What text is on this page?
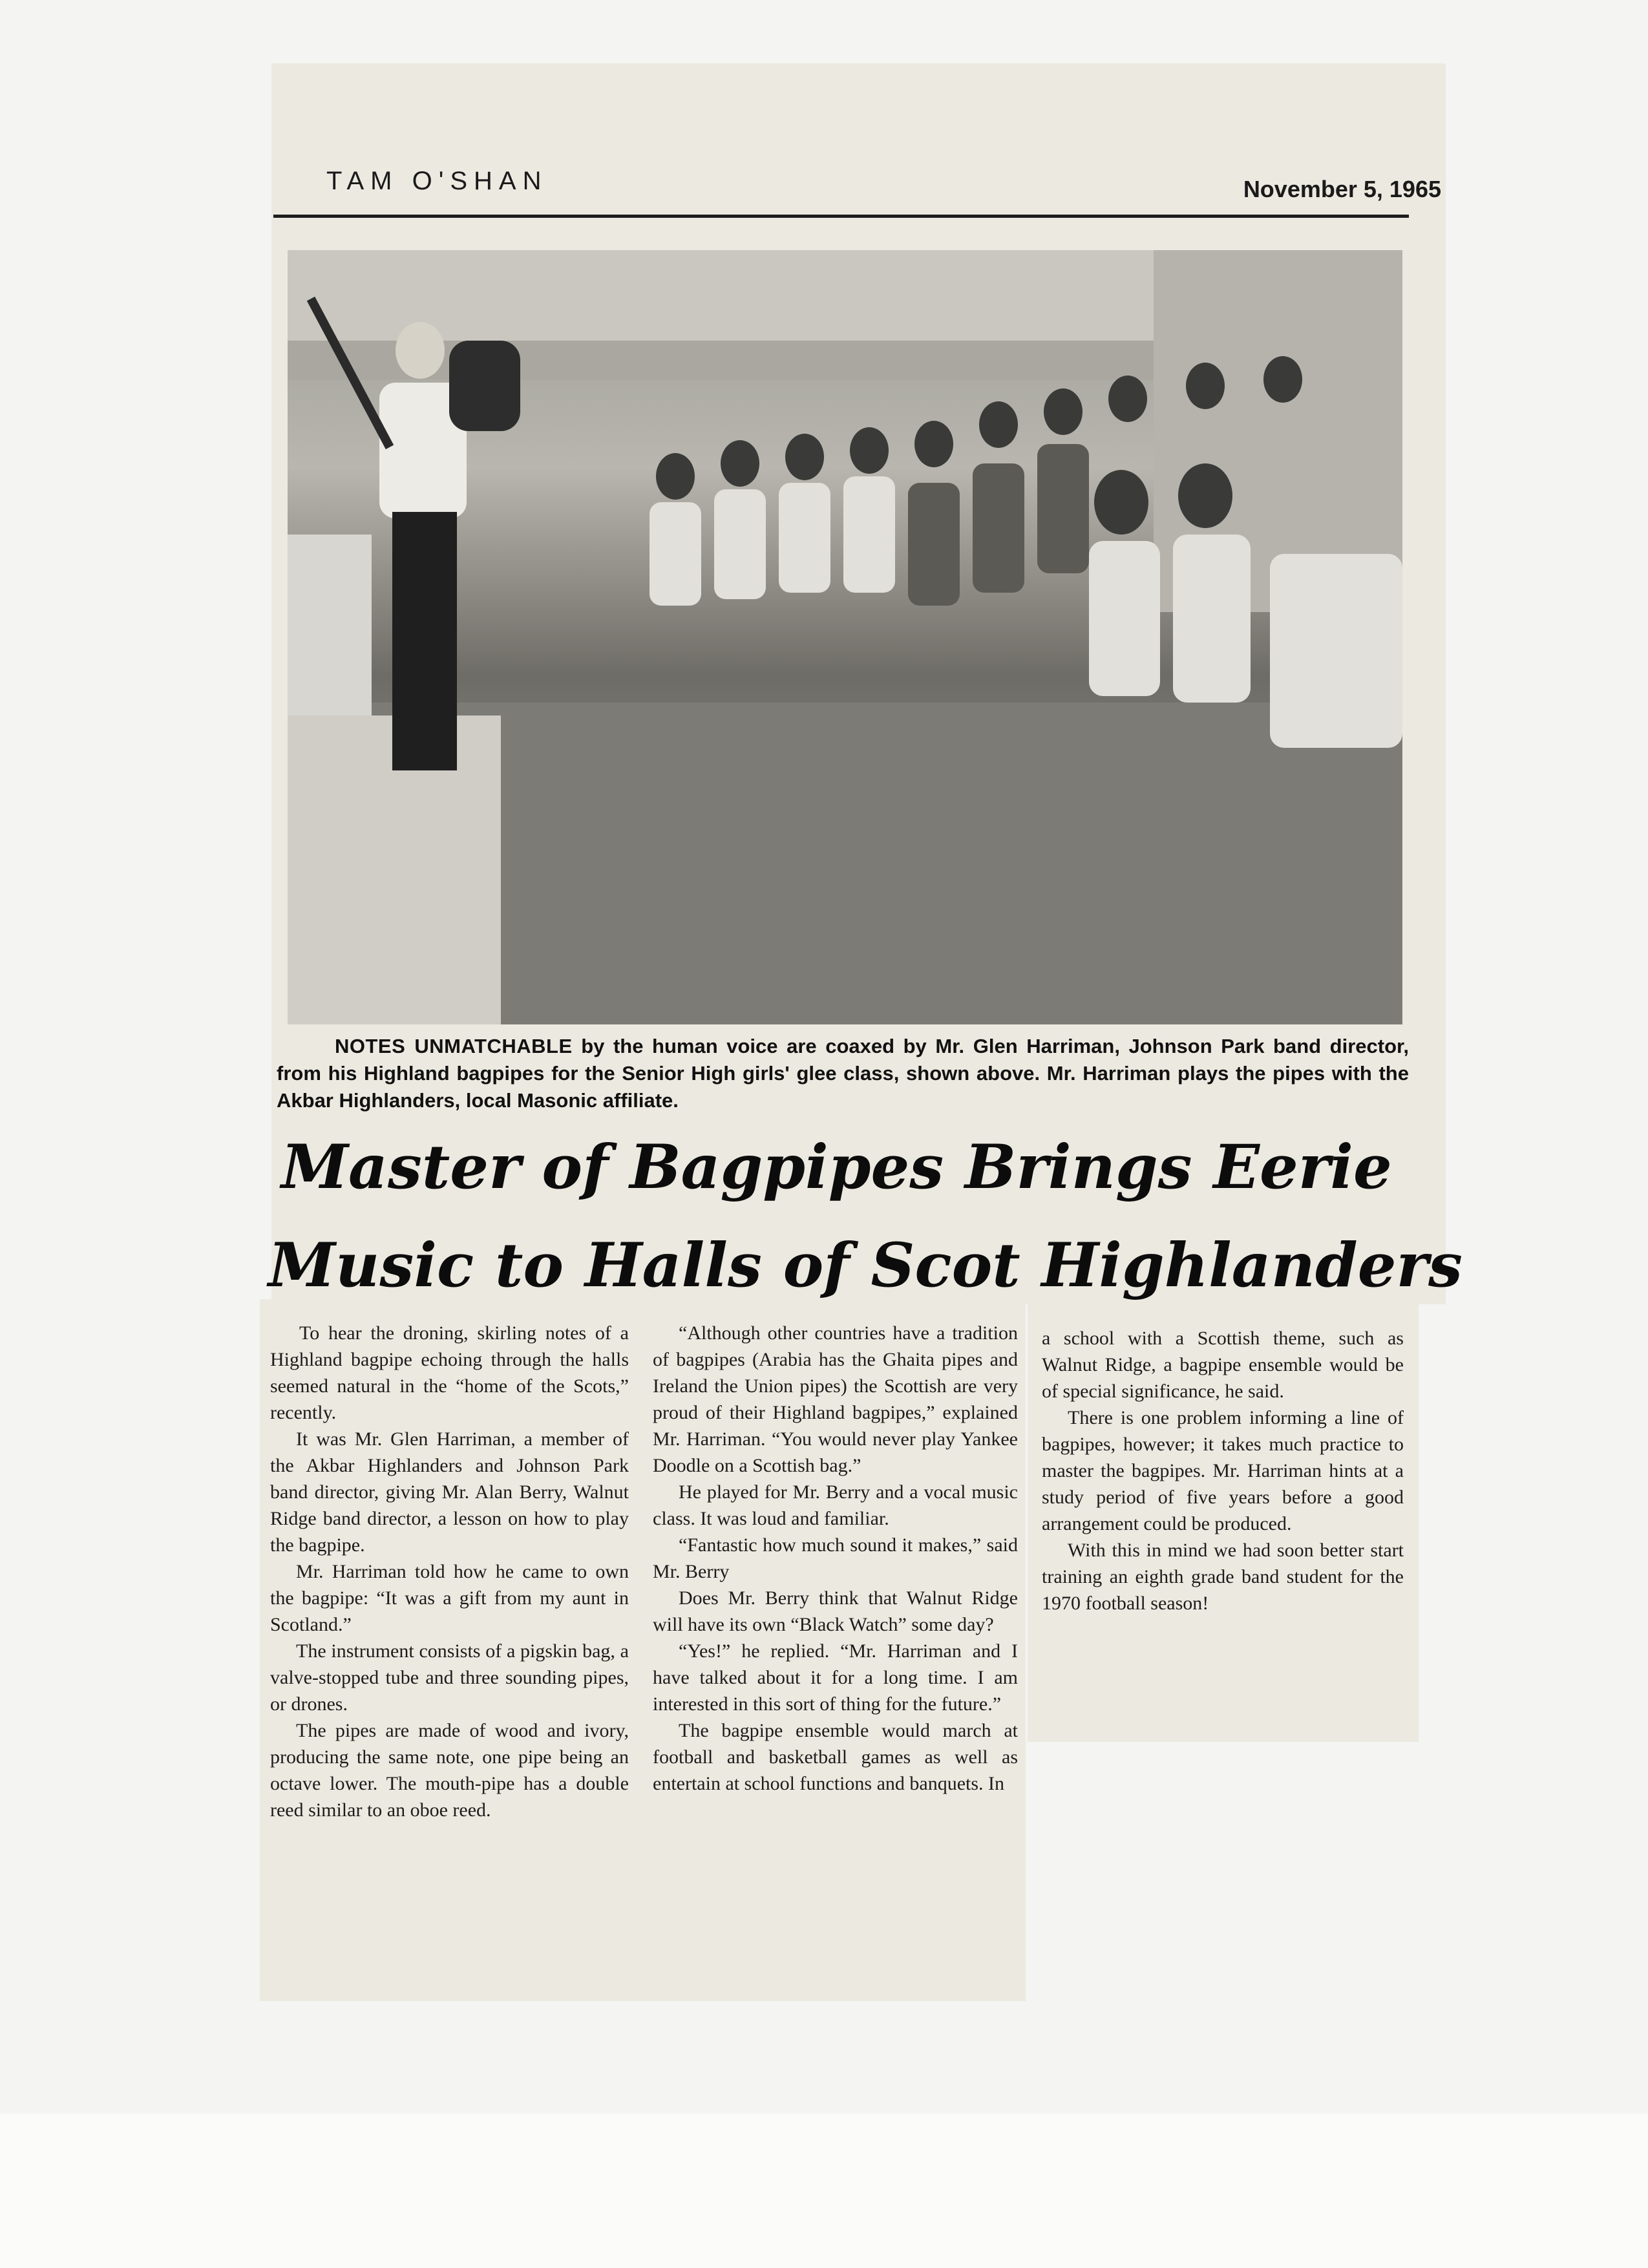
TAM O'SHAN	November 5, 1965
NOTES UNMATCHABLE by the human voice are coaxed by Mr. Glen Harriman, Johnson Park band director, from his Highland bagpipes for the Senior High girls' glee class, shown above. Mr. Harriman plays the pipes with the Akbar Highlanders, local Masonic affiliate.
Master of Bagpipes Brings Eerie
Music to Halls of Scot Highlanders

To hear the droning, skirling notes of a Highland bagpipe echoing through the halls seemed natural in the “home of the Scots,” recently.

It was Mr. Glen Harriman, a member of the Akbar Highlanders and Johnson Park band director, giving Mr. Alan Berry, Walnut Ridge band director, a lesson on how to play the bagpipe.

Mr. Harriman told how he came to own the bagpipe: “It was a gift from my aunt in Scotland.”

The instrument consists of a pigskin bag, a valve-stopped tube and three sounding pipes, or drones.

The pipes are made of wood and ivory, producing the same note, one pipe being an octave lower. The mouth-pipe has a double reed similar to an oboe reed.

“Although other countries have a tradition of bagpipes (Arabia has the Ghaita pipes and Ireland the Union pipes) the Scottish are very proud of their Highland bagpipes,” explained Mr. Harriman. “You would never play Yankee Doodle on a Scottish bag.”

He played for Mr. Berry and a vocal music class. It was loud and familiar.

“Fantastic how much sound it makes,” said Mr. Berry

Does Mr. Berry think that Walnut Ridge will have its own “Black Watch” some day?

“Yes!” he replied. “Mr. Harriman and I have talked about it for a long time. I am interested in this sort of thing for the future.”

The bagpipe ensemble would march at football and basketball games as well as entertain at school functions and banquets. In

a school with a Scottish theme, such as Walnut Ridge, a bagpipe ensemble would be of special significance, he said.

There is one problem informing a line of bagpipes, however; it takes much practice to master the bagpipes. Mr. Harriman hints at a study period of five years before a good arrangement could be produced.

With this in mind we had soon better start training an eighth grade band student for the 1970 football season!
